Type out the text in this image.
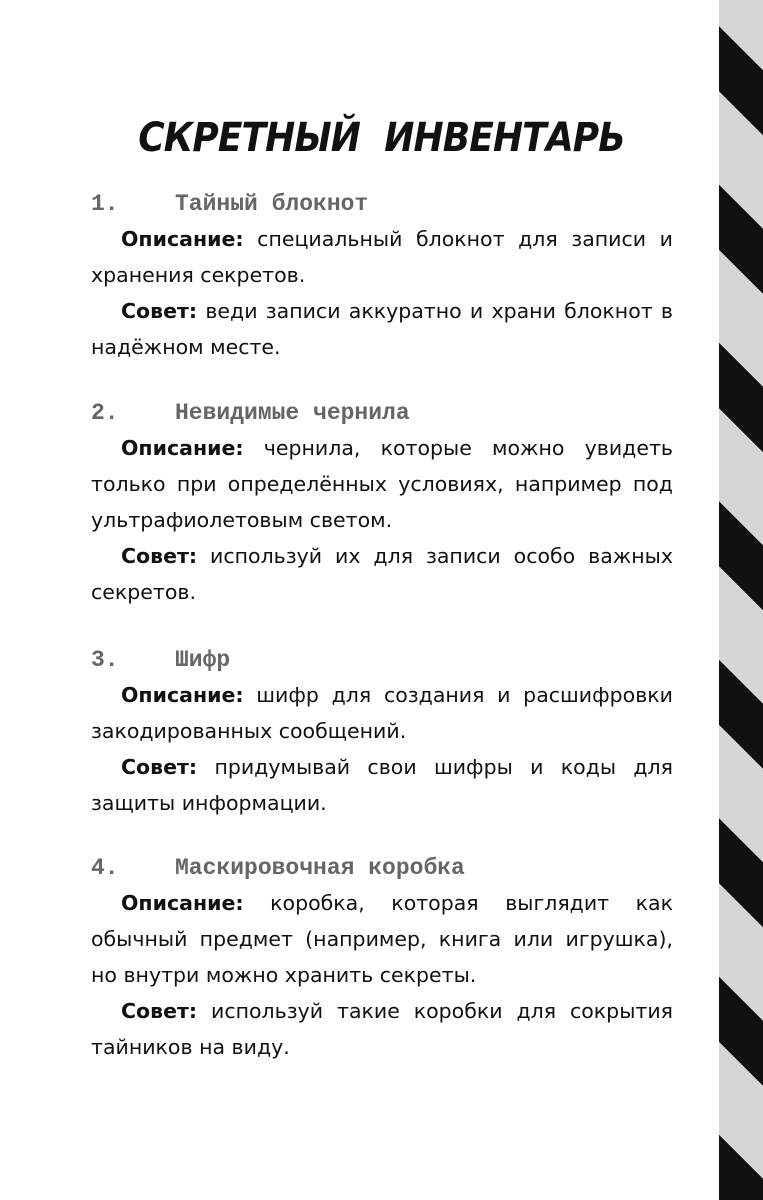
СКРЕТНЫЙ ИНВЕНТАРЬ
1. Тайный блокнот

Описание: специальный блокнот для записи и хранения секретов.

Совет: веди записи аккуратно и храни блокнот в надёжном месте.

2. Невидимые чернила

Описание: чернила, которые можно увидеть только при определённых условиях, например под ультрафиолетовым светом.

Совет: используй их для записи особо важных секретов.

3. Шифр

Описание: шифр для создания и расшифровки закодированных сообщений.

Совет: придумывай свои шифры и коды для защиты информации.

4. Маскировочная коробка

Описание: коробка, которая выглядит как обычный предмет (например, книга или игрушка), но внутри можно хранить секреты.

Совет: используй такие коробки для сокрытия тайников на виду.
